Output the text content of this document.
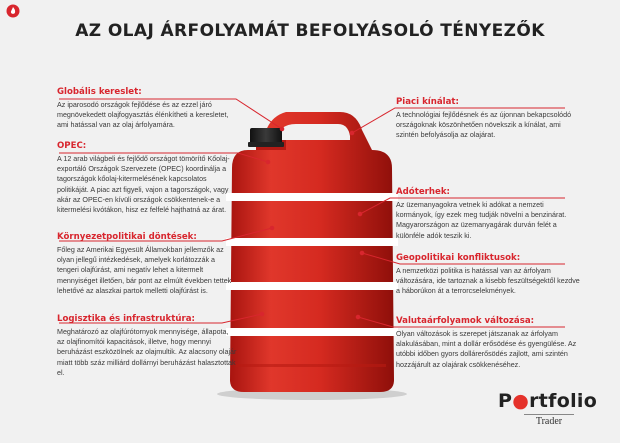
AZ OLAJ ÁRFOLYAMÁT BEFOLYÁSOLÓ TÉNYEZŐK
Globális kereslet:
Az iparosodó országok fejlődése és az ezzel járó megnövekedett olajfogyasztás élénkítheti a keresletet, ami hatással van az olaj árfolyamára.
OPEC:
A 12 arab világbeli és fejlődő országot tömörítő Kőolaj-exportáló Országok Szervezete (OPEC) koordinálja a tagországok kőolaj-kitermelésének kapcsolatos politikáját. A piac azt figyeli, vajon a tagországok, vagy akár az OPEC-en kívüli országok csökkentenek-e a kitermelési kvótákon, hisz ez felfelé hajthatná az árat.
Környezetpolitikai döntések:
Főleg az Amerikai Egyesült Államokban jellemzők az olyan jellegű intézkedések, amelyek korlátozzák a tengeri olajfúrást, ami negatív lehet a kitermelt mennyiséget illetően, bár pont az elmúlt években tettek lehetővé az alaszkai partok melletti olajfúrást is.
Logisztika és infrastruktúra:
Meghatározó az olajfúrótornyok mennyisége, állapota, az olajfinomítói kapacitások, illetve, hogy mennyi beruházást eszközölnek az olajmultik. Az alacsony olajár miatt több száz milliárd dollárnyi beruházást halasztottak el.
Piaci kínálat:
A technológiai fejlődésnek és az újonnan bekapcsolódó országoknak köszönhetően növekszik a kínálat, ami szintén befolyásolja az olajárat.
Adóterhek:
Az üzemanyagokra vetnek ki adókat a nemzeti kormányok, így ezek meg tudják növelni a benzinárat. Magyarországon az üzemanyagárak durván felét a különféle adók teszik ki.
Geopolitikai konfliktusok:
A nemzetközi politika is hatással van az árfolyam változására, ide tartoznak a kisebb feszültségektől kezdve a háborúkon át a terrorcselekmények.
Valutaárfolyamok változása:
Olyan változások is szerepet játszanak az árfolyam alakulásában, mint a dollár erősödése és gyengülése. Az utóbbi időben gyors dollárerősödés zajlott, ami szintén hozzájárult az olajárak csökkenéséhez.
P●rtfolio
Trader
